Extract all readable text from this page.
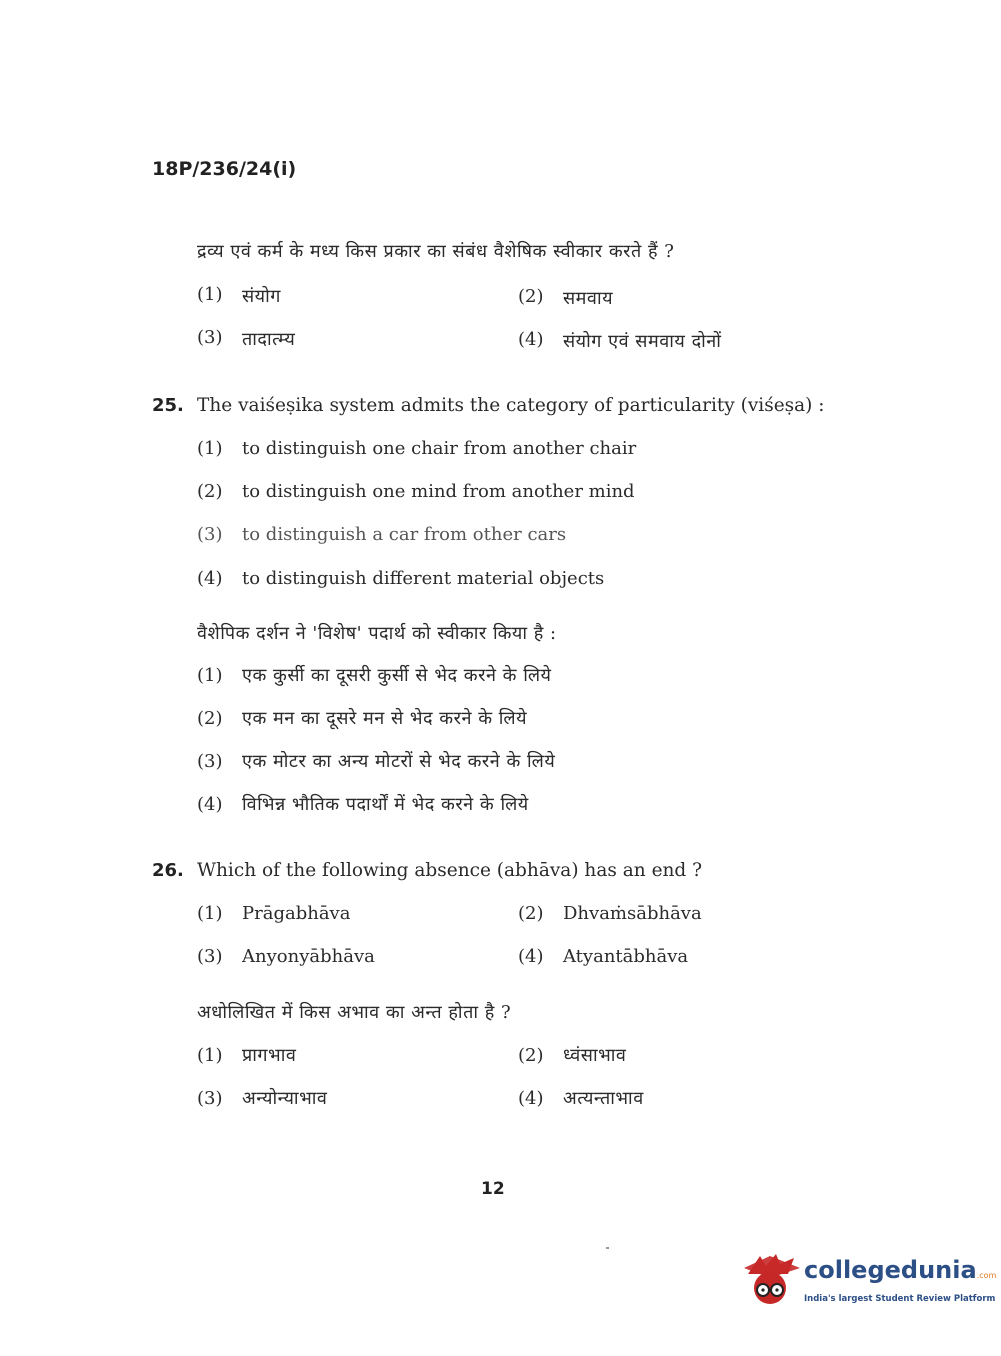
18P/236/24(i)
द्रव्य एवं कर्म के मध्य किस प्रकार का संबंध वैशेषिक स्वीकार करते हैं ?
(1) संयोग	(2) समवाय
(3) तादात्म्य	(4) संयोग एवं समवाय दोनों
25. The vaiśeṣika system admits the category of particularity (viśeṣa) :
(1) to distinguish one chair from another chair
(2) to distinguish one mind from another mind
(3) to distinguish a car from other cars
(4) to distinguish different material objects
वैशेपिक दर्शन ने 'विशेष' पदार्थ को स्वीकार किया है :
(1) एक कुर्सी का दूसरी कुर्सी से भेद करने के लिये
(2) एक मन का दूसरे मन से भेद करने के लिये
(3) एक मोटर का अन्य मोटरों से भेद करने के लिये
(4) विभिन्न भौतिक पदार्थों में भेद करने के लिये
26. Which of the following absence (abhāva) has an end ?
(1) Prāgabhāva	(2) Dhvaṁsābhāva
(3) Anyonyābhāva	(4) Atyantābhāva
अधोलिखित में किस अभाव का अन्त होता है ?
(1) प्रागभाव	(2) ध्वंसाभाव
(3) अन्योन्याभाव	(4) अत्यन्ताभाव
12
collegedunia.com
India's largest Student Review Platform
